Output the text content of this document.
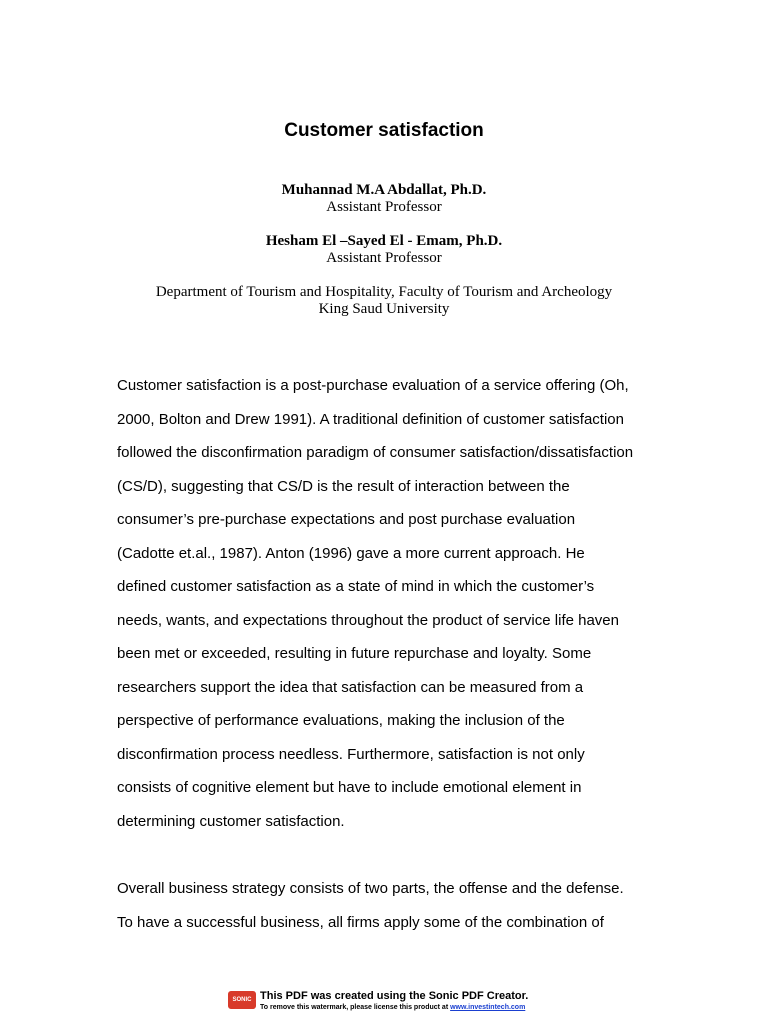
Customer satisfaction
Muhannad M.A Abdallat, Ph.D.
Assistant Professor
Hesham El –Sayed El - Emam, Ph.D.
Assistant Professor
Department of Tourism and Hospitality, Faculty of Tourism and Archeology
King Saud University
Customer satisfaction is a post-purchase evaluation of a service offering (Oh,
2000, Bolton and Drew 1991). A traditional definition of customer satisfaction
followed the disconfirmation paradigm of consumer satisfaction/dissatisfaction
(CS/D), suggesting that CS/D is the result of interaction between the
consumer’s pre-purchase expectations and post purchase evaluation
(Cadotte et.al., 1987). Anton (1996) gave a more current approach. He
defined customer satisfaction as a state of mind in which the customer’s
needs, wants, and expectations throughout the product of service life haven
been met or exceeded, resulting in future repurchase and loyalty. Some
researchers support the idea that satisfaction can be measured from a
perspective of performance evaluations, making the inclusion of the
disconfirmation process needless. Furthermore, satisfaction is not only
consists of cognitive element but have to include emotional element in
determining customer satisfaction.
Overall business strategy consists of two parts, the offense and the defense.
To have a successful business, all firms apply some of the combination of
SONIC PDF
This PDF was created using the Sonic PDF Creator.
To remove this watermark, please license this product at www.investintech.com
